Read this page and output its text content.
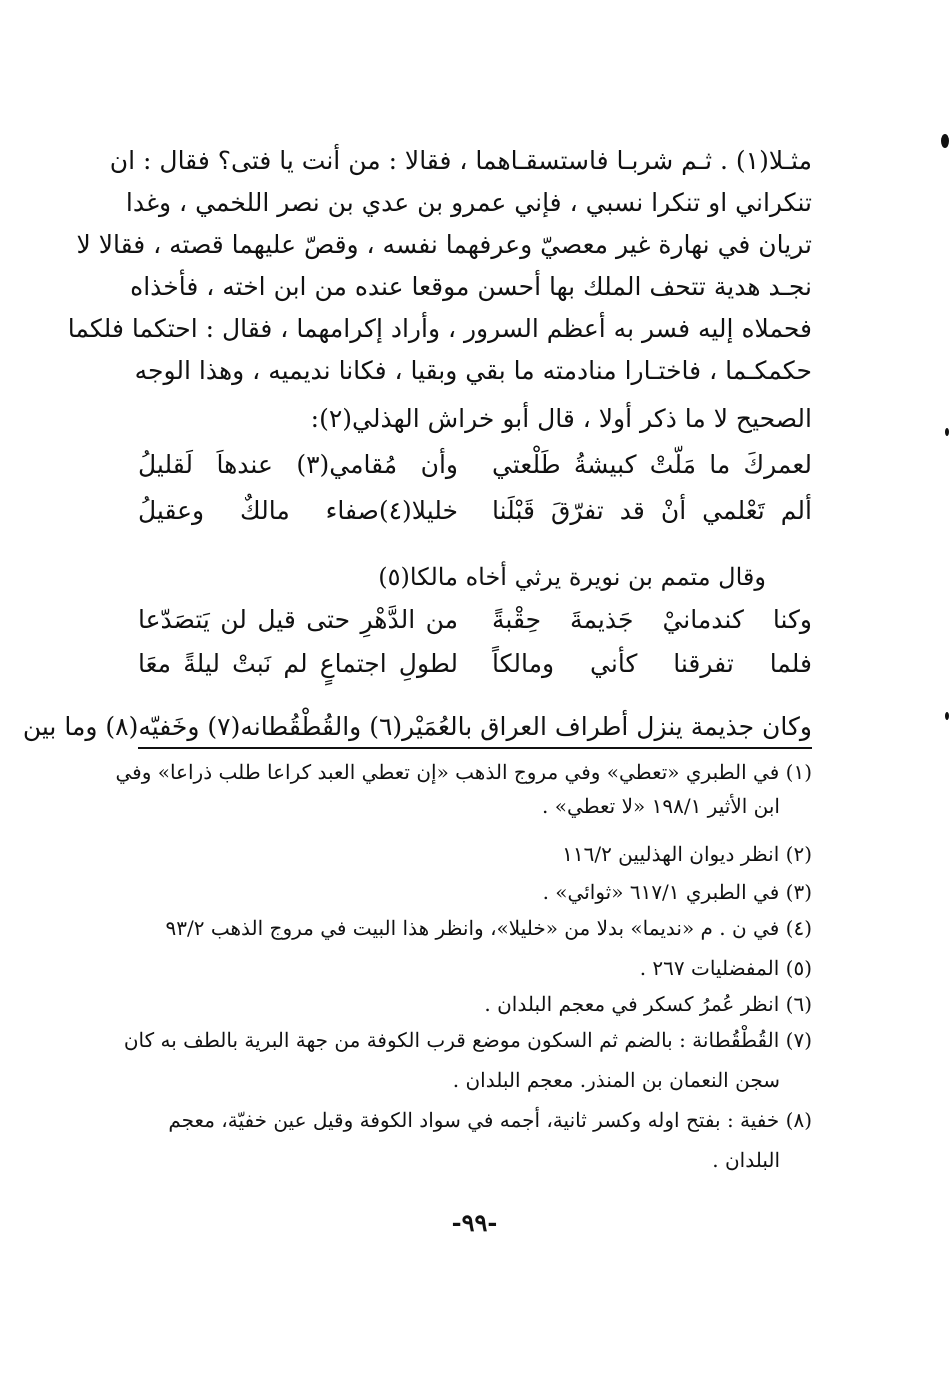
مثـلا(١) . ثـم شربـا فاستسقـاهما ، فقالا : من أنت يا فتى؟ فقال : ان
تنكراني او تنكرا نسبي ، فإني عمرو بن عدي بن نصر اللخمي ، وغدا
تريان في نهارة غير معصيّ وعرفهما نفسه ، وقصّ عليهما قصته ، فقالا لا
نجـد هدية تتحف الملك بها أحسن موقعا عنده من ابن اخته ، فأخذاه
فحملاه إليه فسر به أعظم السرور ، وأراد إكرامهما ، فقال : احتكما فلكما
حكمكـما ، فاختـارا منادمته ما بقي وبقيا ، فكانا نديميه ، وهذا الوجه
الصحيح لا ما ذكر أولا ، قال أبو خراش الهذلي(٢):
لعمركَ ما مَلّتْ كبيشةُ طَلْعتي
وأن مُقامي(٣) عندهاَ لَقليلُ
ألم تَعْلمي أنْ قد تفرّقَ قَبْلَنا
خليلا(٤)صفاء مالكٌ وعقيلُ
وقال متمم بن نويرة يرثي أخاه مالكا(٥)
وكنا كندمانيْ جَذيمةَ حِقْبةً
من الدَّهْرِ حتى قيل لن يَتصَدّعا
فلما تفرقنا كأني ومالكاً
لطولِ اجتماعٍ لم نَبتْ ليلةً معَا
وكان جذيمة ينزل أطراف العراق بالعُمَيْر(٦) والقُطْقُطانه(٧) وخَفيّه(٨) وما بين
(١) في الطبري «تعطي» وفي مروج الذهب «إن تعطي العبد كراعا طلب ذراعا» وفي
ابن الأثير ١٩٨/١ «لا تعطي» .
(٢) انظر ديوان الهذليين ١١٦/٢
(٣) في الطبري ٦١٧/١ «ثوائي» .
(٤) في ن . م «نديما» بدلا من «خليلا»، وانظر هذا البيت في مروج الذهب ٩٣/٢
(٥) المفضليات ٢٦٧ .
(٦) انظر عُمرُ كسكر في معجم البلدان .
(٧) القُطْقُطانة : بالضم ثم السكون موضع قرب الكوفة من جهة البرية بالطف به كان
سجن النعمان بن المنذر. معجم البلدان .
(٨) خفية : بفتح اوله وكسر ثانية، أجمه في سواد الكوفة وقيل عين خفيّة، معجم
البلدان .
-٩٩-
